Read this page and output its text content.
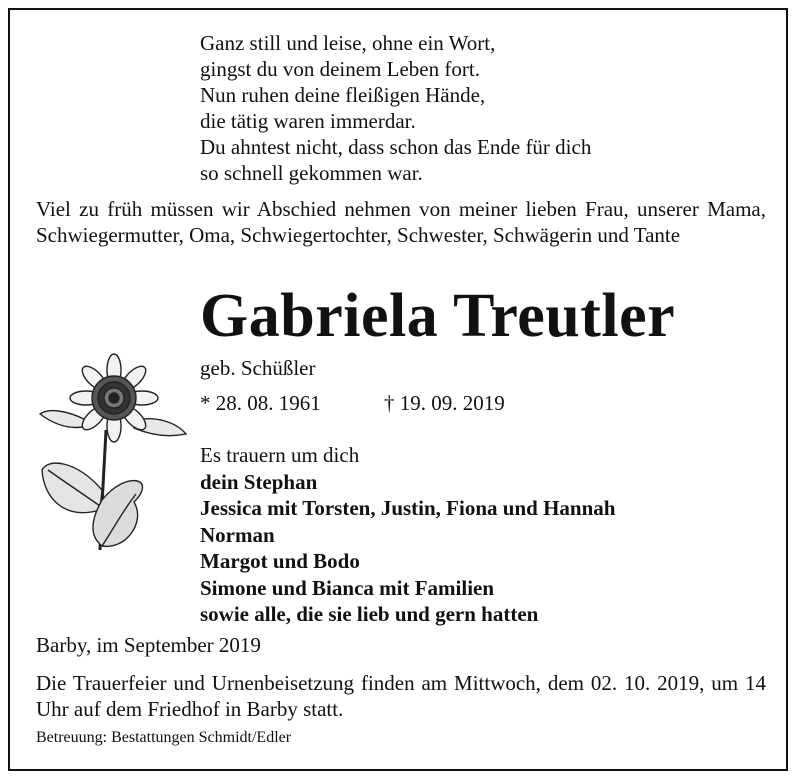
Ganz still und leise, ohne ein Wort,
gingst du von deinem Leben fort.
Nun ruhen deine fleißigen Hände,
die tätig waren immerdar.
Du ahntest nicht, dass schon das Ende für dich
so schnell gekommen war.
Viel zu früh müssen wir Abschied nehmen von meiner lieben Frau, unserer Mama, Schwiegermutter, Oma, Schwiegertochter, Schwester, Schwägerin und Tante
Gabriela Treutler
geb. Schüßler
* 28. 08. 1961	† 19. 09. 2019
Es trauern um dich
dein Stephan
Jessica mit Torsten, Justin, Fiona und Hannah
Norman
Margot und Bodo
Simone und Bianca mit Familien
sowie alle, die sie lieb und gern hatten
Barby, im September 2019
Die Trauerfeier und Urnenbeisetzung finden am Mittwoch, dem 02. 10. 2019, um 14 Uhr auf dem Friedhof in Barby statt.
Betreuung: Bestattungen Schmidt/Edler
